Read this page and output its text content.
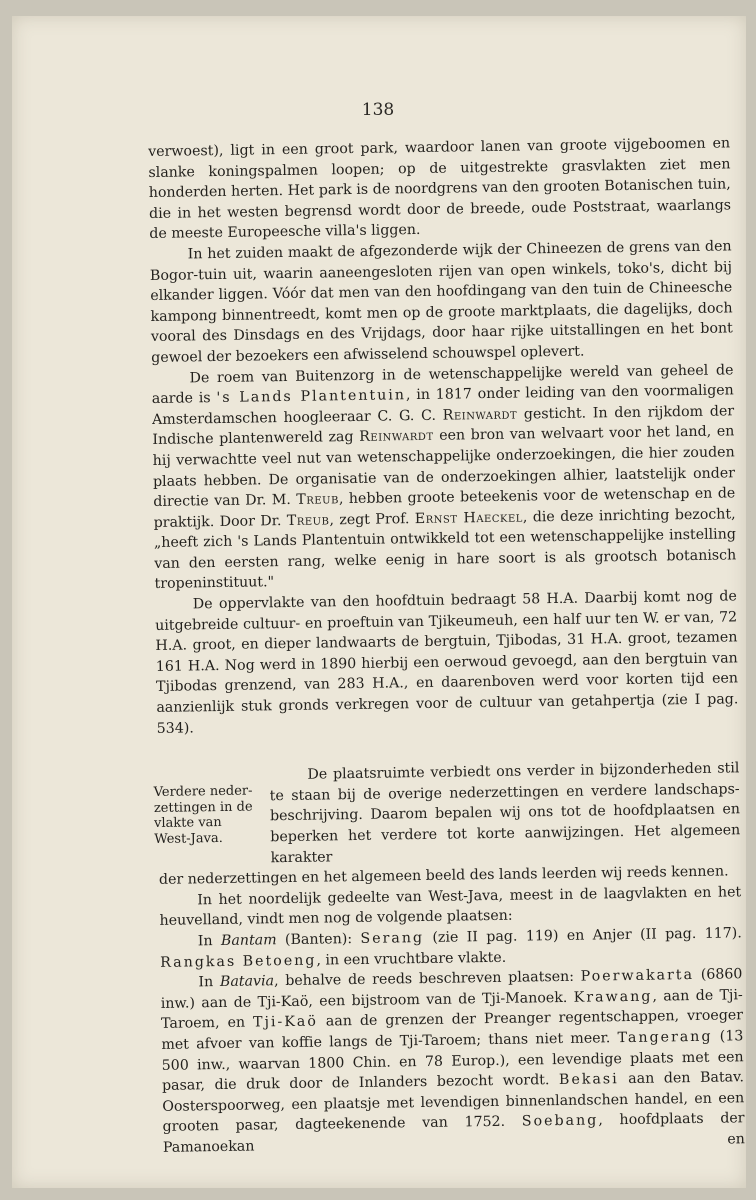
138

verwoest), ligt in een groot park, waardoor lanen van groote vijgeboomen en slanke koningspalmen loopen; op de uitgestrekte grasvlakten ziet men honderden herten. Het park is de noordgrens van den grooten Botanischen tuin, die in het westen begrensd wordt door de breede, oude Poststraat, waarlangs de meeste Europeesche villa's liggen.

In het zuiden maakt de afgezonderde wijk der Chineezen de grens van den Bogor-tuin uit, waarin aaneengesloten rijen van open winkels, toko's, dicht bij elkander liggen. Vóór dat men van den hoofdingang van den tuin de Chineesche kampong binnentreedt, komt men op de groote marktplaats, die dagelijks, doch vooral des Dinsdags en des Vrijdags, door haar rijke uitstallingen en het bont gewoel der bezoekers een afwisselend schouwspel oplevert.

De roem van Buitenzorg in de wetenschappelijke wereld van geheel de aarde is 's Lands Plantentuin, in 1817 onder leiding van den voormaligen Amsterdamschen hoogleeraar C. G. C. Reinwardt gesticht. In den rijkdom der Indische plantenwereld zag Reinwardt een bron van welvaart voor het land, en hij verwachtte veel nut van wetenschappelijke onderzoekingen, die hier zouden plaats hebben. De organisatie van de onderzoekingen alhier, laatstelijk onder directie van Dr. M. Treub, hebben groote beteekenis voor de wetenschap en de praktijk. Door Dr. Treub, zegt Prof. Ernst Haeckel, die deze inrichting bezocht, „heeft zich 's Lands Plantentuin ontwikkeld tot een wetenschappelijke instelling van den eersten rang, welke eenig in hare soort is als grootsch botanisch tropeninstituut."

De oppervlakte van den hoofdtuin bedraagt 58 H.A. Daarbij komt nog de uitgebreide cultuur- en proeftuin van Tjikeumeuh, een half uur ten W. er van, 72 H.A. groot, en dieper landwaarts de bergtuin, Tjibodas, 31 H.A. groot, tezamen 161 H.A. Nog werd in 1890 hierbij een oerwoud gevoegd, aan den bergtuin van Tjibodas grenzend, van 283 H.A., en daarenboven werd voor korten tijd een aanzienlijk stuk gronds verkregen voor de cultuur van getahpertja (zie I pag. 534).

Verdere neder-zettingen in de vlakte van West-Java.
De plaatsruimte verbiedt ons verder in bijzonderheden stil
te staan bij de overige nederzettingen en verdere landschaps-
beschrijving. Daarom bepalen wij ons tot de hoofdplaatsen en
beperken het verdere tot korte aanwijzingen. Het algemeen karakter

der nederzettingen en het algemeen beeld des lands leerden wij reeds kennen.

In het noordelijk gedeelte van West-Java, meest in de laagvlakten en het heuvelland, vindt men nog de volgende plaatsen:

In Bantam (Banten): Serang (zie II pag. 119) en Anjer (II pag. 117). Rangkas Betoeng, in een vruchtbare vlakte.

In Batavia, behalve de reeds beschreven plaatsen: Poerwakarta (6860 inw.) aan de Tji-Kaö, een bijstroom van de Tji-Manoek. Krawang, aan de Tji-Taroem, en Tji-Kaö aan de grenzen der Preanger regentschappen, vroeger met afvoer van koffie langs de Tji-Taroem; thans niet meer. Tangerang (13 500 inw., waarvan 1800 Chin. en 78 Europ.), een levendige plaats met een pasar, die druk door de Inlanders bezocht wordt. Bekasi aan den Batav. Oosterspoorweg, een plaatsje met levendigen binnenlandschen handel, en een grooten pasar, dagteekenende van 1752. Soebang, hoofdplaats der Pamanoekan en
